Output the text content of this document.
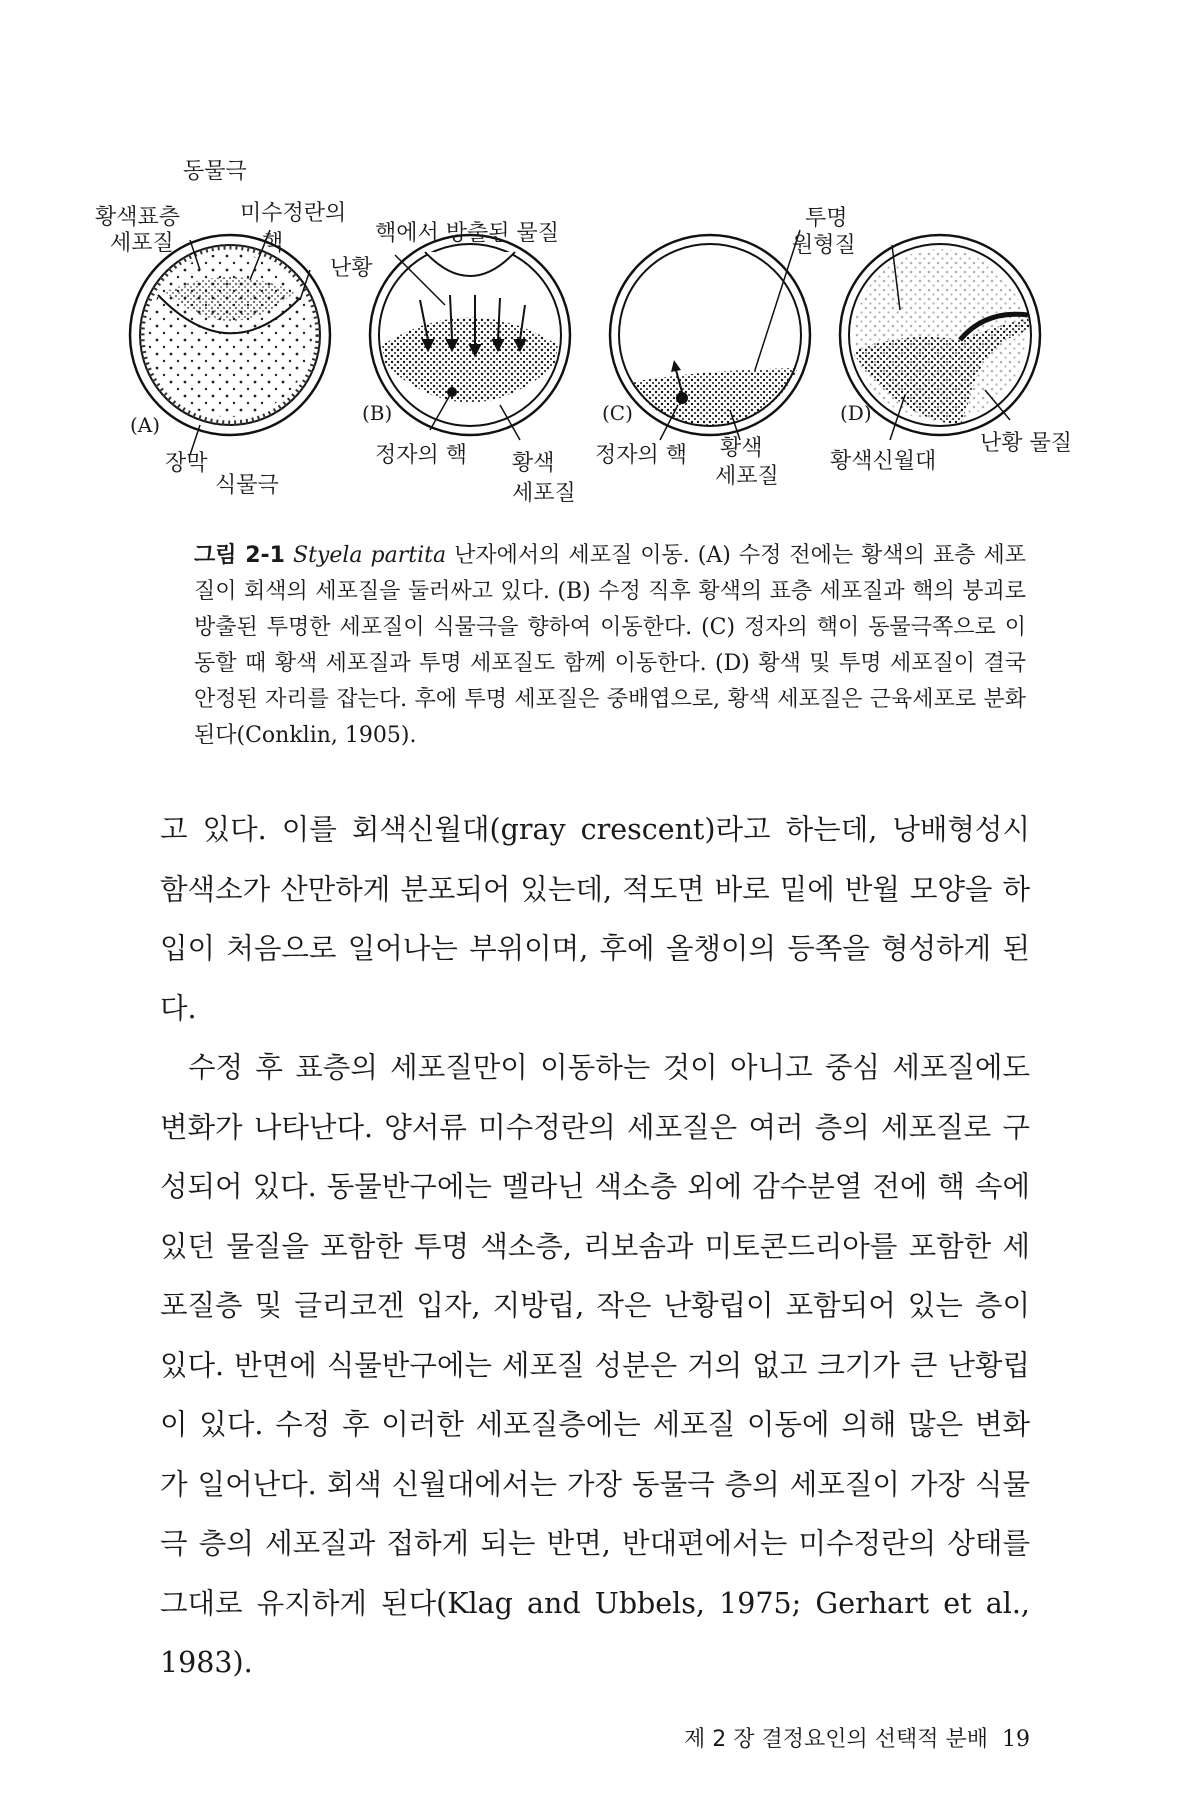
동물극
황색표층
세포질
미수정란의
핵	핵에서 방출된 물질
난황
투명
원형질
(A)	(B)	(C)	(D)
장막
식물극
정자의 핵 황색
세포질
정자의 핵 황색
세포질
황색신월대
난황 물질
그림 2-1 Styela partita 난자에서의 세포질 이동. (A) 수정 전에는 황색의 표층 세포질이 회색의 세포질을 둘러싸고 있다. (B) 수정 직후 황색의 표층 세포질과 핵의 붕괴로 방출된 투명한 세포질이 식물극을 향하여 이동한다. (C) 정자의 핵이 동물극쪽으로 이동할 때 황색 세포질과 투명 세포질도 함께 이동한다. (D) 황색 및 투명 세포질이 결국 안정된 자리를 잡는다. 후에 투명 세포질은 중배엽으로, 황색 세포질은 근육세포로 분화된다(Conklin, 1905).

고 있다. 이를 회색신월대(gray crescent)라고 하는데, 낭배형성시 함색소가 산만하게 분포되어 있는데, 적도면 바로 밑에 반월 모양을 하입이 처음으로 일어나는 부위이며, 후에 올챙이의 등쪽을 형성하게 된다.

수정 후 표층의 세포질만이 이동하는 것이 아니고 중심 세포질에도 변화가 나타난다. 양서류 미수정란의 세포질은 여러 층의 세포질로 구성되어 있다. 동물반구에는 멜라닌 색소층 외에 감수분열 전에 핵 속에 있던 물질을 포함한 투명 색소층, 리보솜과 미토콘드리아를 포함한 세포질층 및 글리코겐 입자, 지방립, 작은 난황립이 포함되어 있는 층이 있다. 반면에 식물반구에는 세포질 성분은 거의 없고 크기가 큰 난황립이 있다. 수정 후 이러한 세포질층에는 세포질 이동에 의해 많은 변화가 일어난다. 회색 신월대에서는 가장 동물극 층의 세포질이 가장 식물극 층의 세포질과 접하게 되는 반면, 반대편에서는 미수정란의 상태를 그대로 유지하게 된다(Klag and Ubbels, 1975; Gerhart et al., 1983).

제 2 장 결정요인의 선택적 분배 19
